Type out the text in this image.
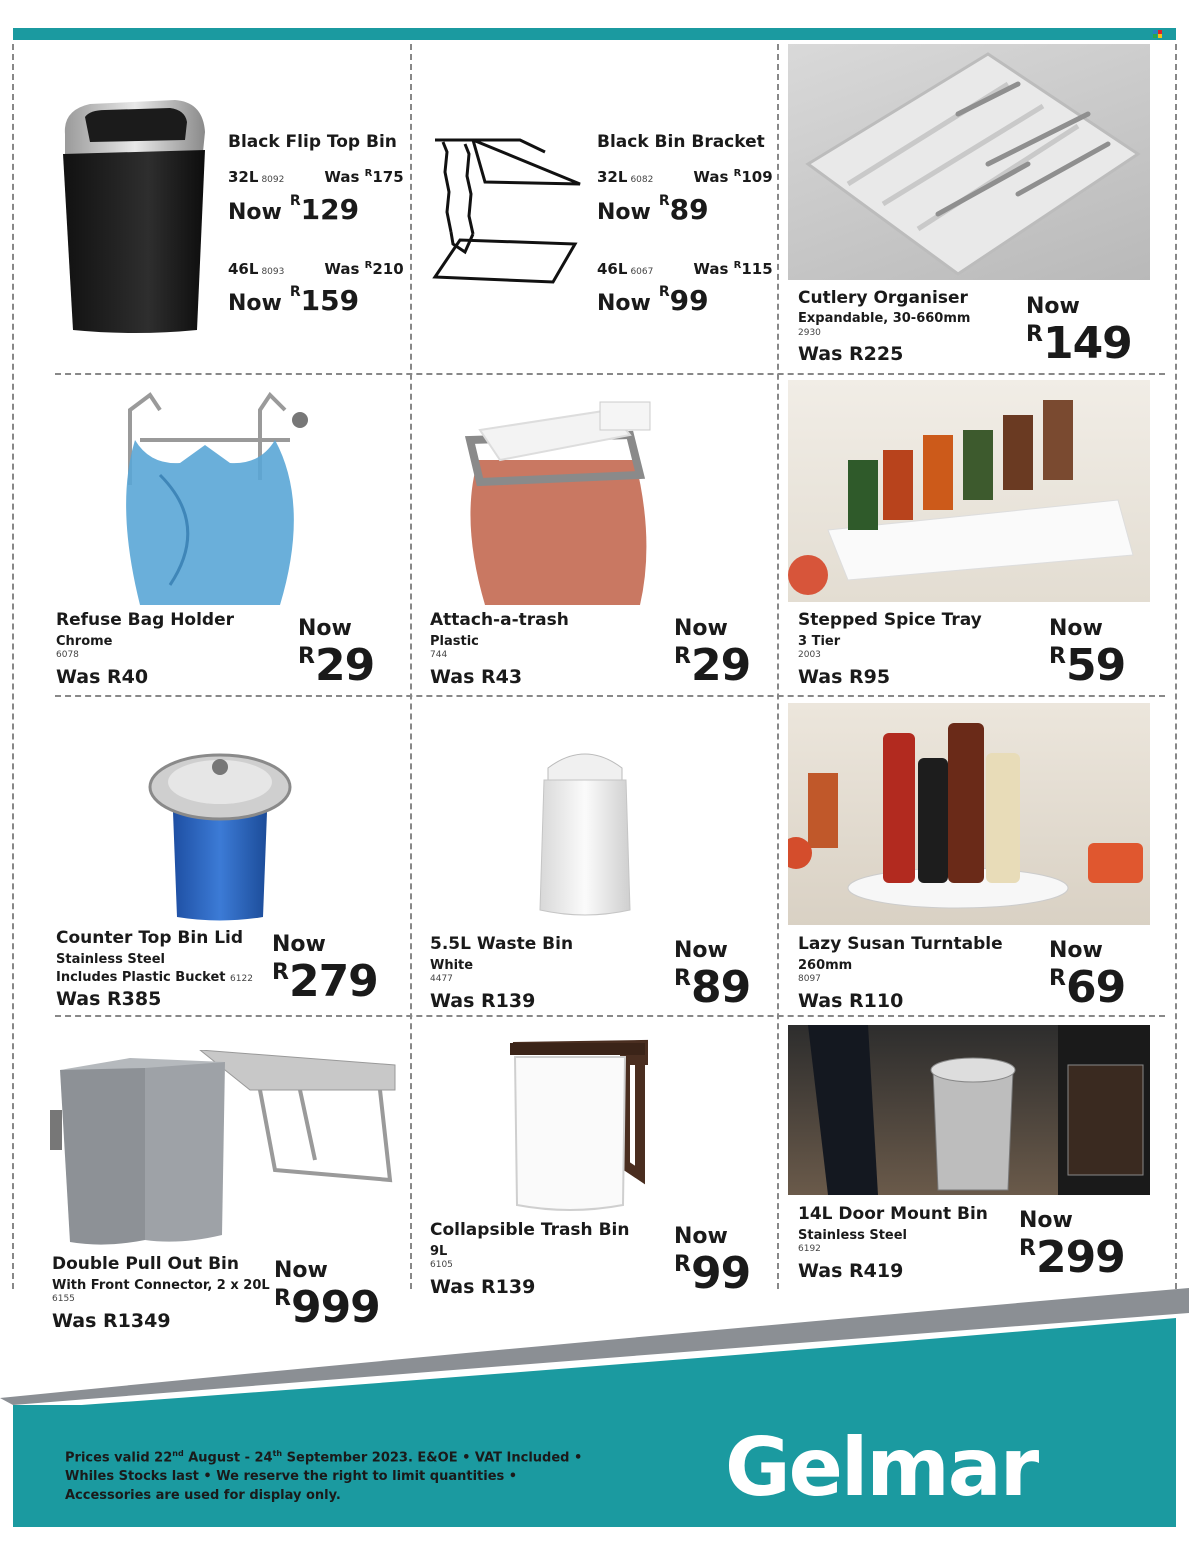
Black Flip Top Bin
32L 8092	Was $^R$175
Now $^R$129
46L 8093	Was $^R$210
Now $^R$159
Black Bin Bracket
32L 6082	Was $^R$109
Now $^R$89
46L 6067	Was $^R$115
Now $^R$99	Cutlery Organiser
Expandable, 30-660mm
2930
Was R225
Now
$^R$149
Refuse Bag Holder
Chrome
6078
Was R40
Now
$^R$29
Attach-a-trash
Plastic
744
Was R43
Now
$^R$29
Stepped Spice Tray
3 Tier
2003
Was R95
Now
$^R$59
Counter Top Bin Lid
Stainless Steel
Includes Plastic Bucket 6122
Was R385
Now
$^R$279
5.5L Waste Bin
White
4477
Was R139
Now
$^R$89
Lazy Susan Turntable
260mm
8097
Was R110
Now
$^R$69
Double Pull Out Bin
With Front Connector, 2 x 20L
6155
Was R1349
Now
$^R$999
Collapsible Trash Bin
9L
6105
Was R139
Now
$^R$99
14L Door Mount Bin
Stainless Steel
6192
Was R419
Now
$^R$299
Prices valid 22nd August - 24th September 2023. E&OE • VAT Included •
Whiles Stocks last • We reserve the right to limit quantities •
Accessories are used for display only.	Gelmar
